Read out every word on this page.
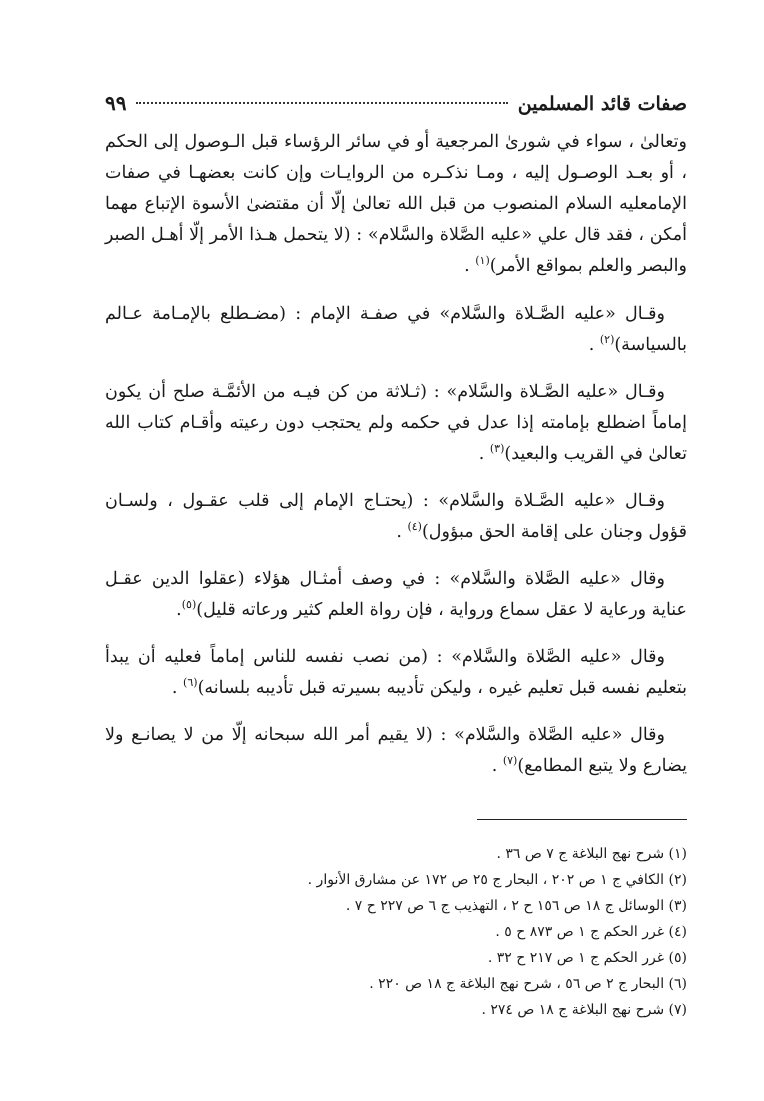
صفات قائد المسلمين
٩٩

وتعالىٰ ، سواء في شورىٰ المرجعية أو في سائر الرؤساء قبل الـوصول إلى الحكم ، أو بعـد الوصـول إليه ، ومـا نذكـره من الروايـات وإن كانت بعضهـا في صفات الإمامعليه السلام المنصوب من قبل الله تعالىٰ إلّا أن مقتضىٰ الأسوة الإتباع مهما أمكن ، فقد قال علي «عليه الصَّلاة والسَّلام» : (لا يتحمل هـذا الأمر إلّا أهـل الصبر والبصر والعلم بمواقع الأمر)$^{(١)}$ .

وقـال «عليه الصَّـلاة والسَّلام» في صفـة الإمام : (مضـطلع بالإمـامة عـالم بالسياسة)$^{(٢)}$ .

وقـال «عليه الصَّـلاة والسَّلام» : (ثـلاثة من كن فيـه من الأئمَّـة صلح أن يكون إماماً اضطلع بإمامته إذا عدل في حكمه ولم يحتجب دون رعيته وأقـام كتاب الله تعالىٰ في القريب والبعيد)$^{(٣)}$ .

وقـال «عليه الصَّـلاة والسَّلام» : (يحتـاج الإمام إلى قلب عقـول ، ولسـان قؤول وجنان على إقامة الحق مبؤول)$^{(٤)}$ .

وقال «عليه الصَّلاة والسَّلام» : في وصف أمثـال هؤلاء (عقلوا الدين عقـل عناية ورعاية لا عقل سماع ورواية ، فإن رواة العلم كثير ورعاته قليل)$^{(٥)}$.

وقال «عليه الصَّلاة والسَّلام» : (من نصب نفسه للناس إماماً فعليه أن يبدأ بتعليم نفسه قبل تعليم غيره ، وليكن تأديبه بسيرته قبل تأديبه بلسانه)$^{(٦)}$ .

وقال «عليه الصَّلاة والسَّلام» : (لا يقيم أمر الله سبحانه إلّا من لا يصانـع ولا يضارع ولا يتبع المطامع)$^{(٧)}$ .

(١) شرح نهج البلاغة ج ٧ ص ٣٦ .
(٢) الكافي ج ١ ص ٢٠٢ ، البحار ج ٢٥ ص ١٧٢ عن مشارق الأنوار .
(٣) الوسائل ج ١٨ ص ١٥٦ ح ٢ ، التهذيب ج ٦ ص ٢٢٧ ح ٧ .
(٤) غرر الحكم ج ١ ص ٨٧٣ ح ٥ .
(٥) غرر الحكم ج ١ ص ٢١٧ ح ٣٢ .
(٦) البحار ج ٢ ص ٥٦ ، شرح نهج البلاغة ج ١٨ ص ٢٢٠ .
(٧) شرح نهج البلاغة ج ١٨ ص ٢٧٤ .
